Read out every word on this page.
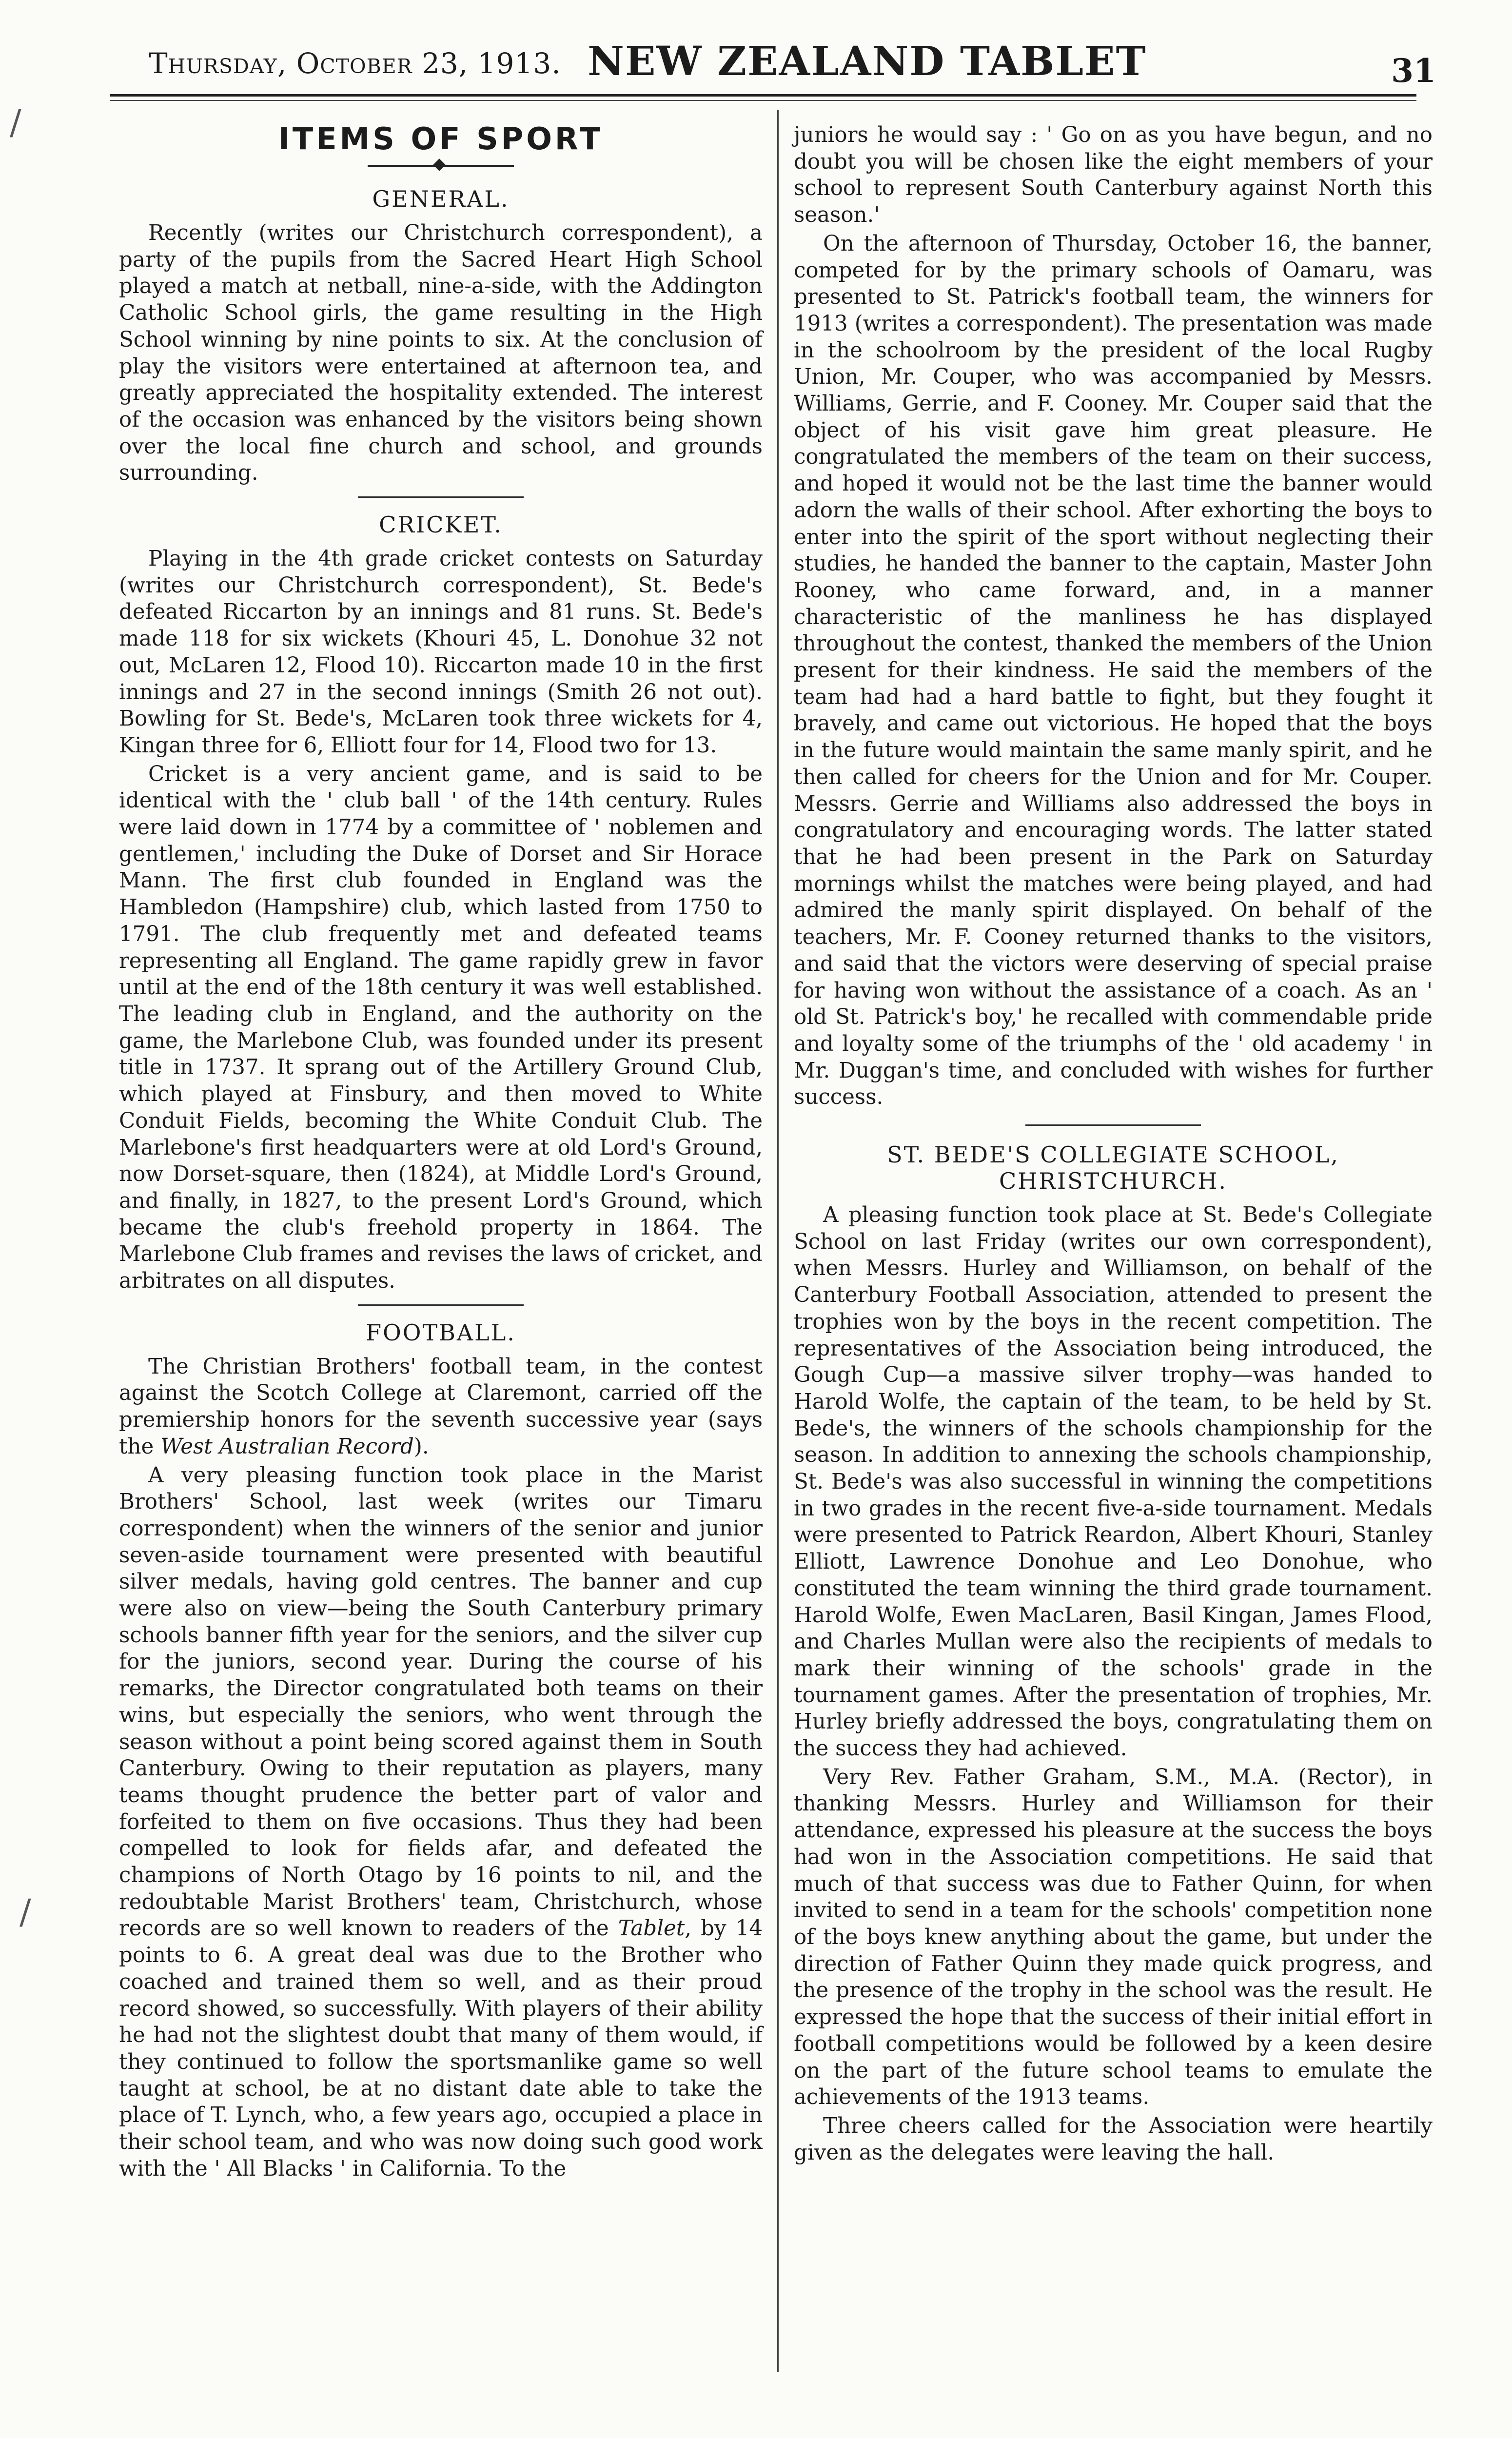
Thursday, October 23, 1913. NEW ZEALAND TABLET	31
/
/
ITEMS OF SPORT
GENERAL.

Recently (writes our Christchurch correspondent), a party of the pupils from the Sacred Heart High School played a match at netball, nine-a-side, with the Addington Catholic School girls, the game resulting in the High School winning by nine points to six. At the conclusion of play the visitors were entertained at afternoon tea, and greatly appreciated the hospitality extended. The interest of the occasion was enhanced by the visitors being shown over the local fine church and school, and grounds surrounding.

CRICKET.

Playing in the 4th grade cricket contests on Saturday (writes our Christchurch correspondent), St. Bede's defeated Riccarton by an innings and 81 runs. St. Bede's made 118 for six wickets (Khouri 45, L. Donohue 32 not out, McLaren 12, Flood 10). Riccarton made 10 in the first innings and 27 in the second innings (Smith 26 not out). Bowling for St. Bede's, McLaren took three wickets for 4, Kingan three for 6, Elliott four for 14, Flood two for 13.

Cricket is a very ancient game, and is said to be identical with the ' club ball ' of the 14th century. Rules were laid down in 1774 by a committee of ' noblemen and gentlemen,' including the Duke of Dorset and Sir Horace Mann. The first club founded in England was the Hambledon (Hampshire) club, which lasted from 1750 to 1791. The club frequently met and defeated teams representing all England. The game rapidly grew in favor until at the end of the 18th century it was well established. The leading club in England, and the authority on the game, the Marlebone Club, was founded under its present title in 1737. It sprang out of the Artillery Ground Club, which played at Finsbury, and then moved to White Conduit Fields, becoming the White Conduit Club. The Marlebone's first headquarters were at old Lord's Ground, now Dorset-square, then (1824), at Middle Lord's Ground, and finally, in 1827, to the present Lord's Ground, which became the club's freehold property in 1864. The Marlebone Club frames and revises the laws of cricket, and arbitrates on all disputes.

FOOTBALL.

The Christian Brothers' football team, in the contest against the Scotch College at Claremont, carried off the premiership honors for the seventh successive year (says the West Australian Record).

A very pleasing function took place in the Marist Brothers' School, last week (writes our Timaru correspondent) when the winners of the senior and junior seven-aside tournament were presented with beautiful silver medals, having gold centres. The banner and cup were also on view—being the South Canterbury primary schools banner fifth year for the seniors, and the silver cup for the juniors, second year. During the course of his remarks, the Director congratulated both teams on their wins, but especially the seniors, who went through the season without a point being scored against them in South Canterbury. Owing to their reputation as players, many teams thought prudence the better part of valor and forfeited to them on five occasions. Thus they had been compelled to look for fields afar, and defeated the champions of North Otago by 16 points to nil, and the redoubtable Marist Brothers' team, Christchurch, whose records are so well known to readers of the Tablet, by 14 points to 6. A great deal was due to the Brother who coached and trained them so well, and as their proud record showed, so successfully. With players of their ability he had not the slightest doubt that many of them would, if they continued to follow the sportsmanlike game so well taught at school, be at no distant date able to take the place of T. Lynch, who, a few years ago, occupied a place in their school team, and who was now doing such good work with the ' All Blacks ' in California. To the

juniors he would say : ' Go on as you have begun, and no doubt you will be chosen like the eight members of your school to represent South Canterbury against North this season.'

On the afternoon of Thursday, October 16, the banner, competed for by the primary schools of Oamaru, was presented to St. Patrick's football team, the winners for 1913 (writes a correspondent). The presentation was made in the schoolroom by the president of the local Rugby Union, Mr. Couper, who was accompanied by Messrs. Williams, Gerrie, and F. Cooney. Mr. Couper said that the object of his visit gave him great pleasure. He congratulated the members of the team on their success, and hoped it would not be the last time the banner would adorn the walls of their school. After exhorting the boys to enter into the spirit of the sport without neglecting their studies, he handed the banner to the captain, Master John Rooney, who came forward, and, in a manner characteristic of the manliness he has displayed throughout the contest, thanked the members of the Union present for their kindness. He said the members of the team had had a hard battle to fight, but they fought it bravely, and came out victorious. He hoped that the boys in the future would maintain the same manly spirit, and he then called for cheers for the Union and for Mr. Couper. Messrs. Gerrie and Williams also addressed the boys in congratulatory and encouraging words. The latter stated that he had been present in the Park on Saturday mornings whilst the matches were being played, and had admired the manly spirit displayed. On behalf of the teachers, Mr. F. Cooney returned thanks to the visitors, and said that the victors were deserving of special praise for having won without the assistance of a coach. As an ' old St. Patrick's boy,' he recalled with commendable pride and loyalty some of the triumphs of the ' old academy ' in Mr. Duggan's time, and concluded with wishes for further success.

ST. BEDE'S COLLEGIATE SCHOOL, CHRISTCHURCH.

A pleasing function took place at St. Bede's Collegiate School on last Friday (writes our own correspondent), when Messrs. Hurley and Williamson, on behalf of the Canterbury Football Association, attended to present the trophies won by the boys in the recent competition. The representatives of the Association being introduced, the Gough Cup—a massive silver trophy—was handed to Harold Wolfe, the captain of the team, to be held by St. Bede's, the winners of the schools championship for the season. In addition to annexing the schools championship, St. Bede's was also successful in winning the competitions in two grades in the recent five-a-side tournament. Medals were presented to Patrick Reardon, Albert Khouri, Stanley Elliott, Lawrence Donohue and Leo Donohue, who constituted the team winning the third grade tournament. Harold Wolfe, Ewen MacLaren, Basil Kingan, James Flood, and Charles Mullan were also the recipients of medals to mark their winning of the schools' grade in the tournament games. After the presentation of trophies, Mr. Hurley briefly addressed the boys, congratulating them on the success they had achieved.

Very Rev. Father Graham, S.M., M.A. (Rector), in thanking Messrs. Hurley and Williamson for their attendance, expressed his pleasure at the success the boys had won in the Association competitions. He said that much of that success was due to Father Quinn, for when invited to send in a team for the schools' competition none of the boys knew anything about the game, but under the direction of Father Quinn they made quick progress, and the presence of the trophy in the school was the result. He expressed the hope that the success of their initial effort in football competitions would be followed by a keen desire on the part of the future school teams to emulate the achievements of the 1913 teams.

Three cheers called for the Association were heartily given as the delegates were leaving the hall.
